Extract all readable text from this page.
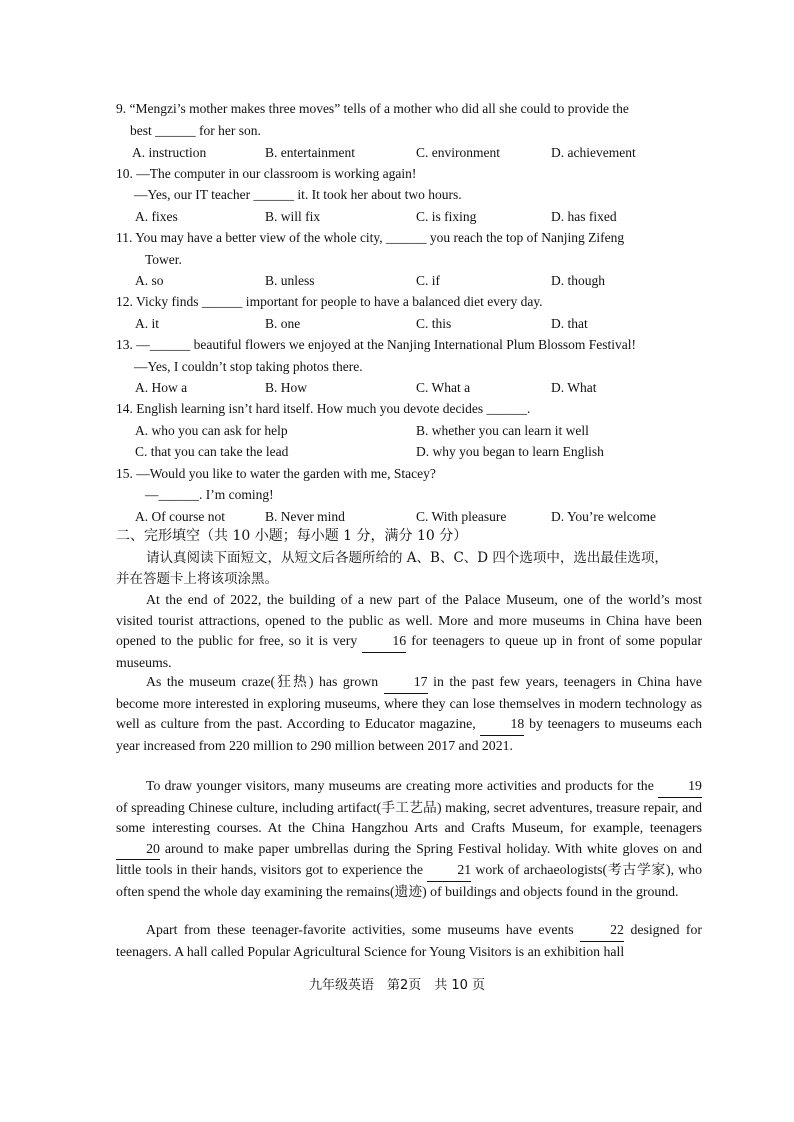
9. “Mengzi’s mother makes three moves” tells of a mother who did all she could to provide the
best ______ for her son.
A. instruction	B. entertainment	C. environment	D. achievement
10. —The computer in our classroom is working again!
—Yes, our IT teacher ______ it. It took her about two hours.
A. fixes	B. will fix	C. is fixing	D. has fixed
11. You may have a better view of the whole city, ______ you reach the top of Nanjing Zifeng
Tower.
A. so	B. unless	C. if	D. though
12. Vicky finds ______ important for people to have a balanced diet every day.
A. it	B. one	C. this	D. that
13. —______ beautiful flowers we enjoyed at the Nanjing International Plum Blossom Festival!
—Yes, I couldn’t stop taking photos there.
A. How a	B. How	C. What a	D. What
14. English learning isn’t hard itself. How much you devote decides ______.
A. who you can ask for help	B. whether you can learn it well
C. that you can take the lead	D. why you began to learn English
15. —Would you like to water the garden with me, Stacey?
—______. I’m coming!
A. Of course not	B. Never mind	C. With pleasure	D. You’re welcome
二、完形填空（共 10 小题；每小题 1 分，满分 10 分）
请认真阅读下面短文，从短文后各题所给的 A、B、C、D 四个选项中，选出最佳选项，
并在答题卡上将该项涂黑。

At the end of 2022, the building of a new part of the Palace Museum, one of the world’s most visited tourist attractions, opened to the public as well. More and more museums in China have been opened to the public for free, so it is very	16 for teenagers to queue up in front of some popular museums.

As the museum craze(狂热) has grown	17 in the past few years, teenagers in China have become more interested in exploring museums, where they can lose themselves in modern technology as well as culture from the past. According to Educator magazine,	18 by teenagers to museums each year increased from 220 million to 290 million between 2017 and 2021.

To draw younger visitors, many museums are creating more activities and products for the 19 of spreading Chinese culture, including artifact(手工艺品) making, secret adventures, treasure repair, and some interesting courses. At the China Hangzhou Arts and Crafts Museum, for example, teenagers 20 around to make paper umbrellas during the Spring Festival holiday. With white gloves on and little tools in their hands, visitors got to experience the 21 work of archaeologists(考古学家), who often spend the whole day examining the remains(遗迹) of buildings and objects found in the ground.

Apart from these teenager-favorite activities, some museums have events	22 designed for teenagers. A hall called Popular Agricultural Science for Young Visitors is an exhibition hall

九年级英语　第2页　共 10 页
